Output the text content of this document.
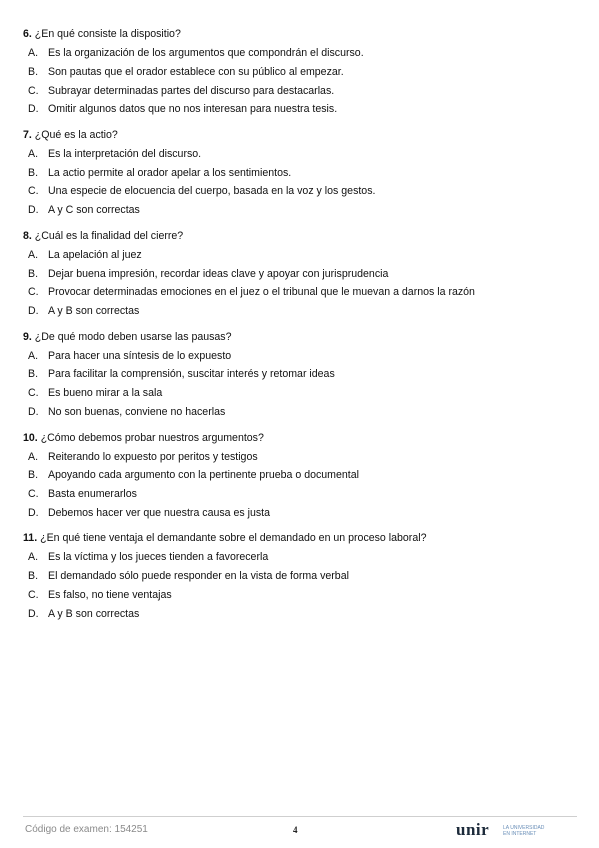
6. ¿En qué consiste la dispositio?
A. Es la organización de los argumentos que compondrán el discurso.
B. Son pautas que el orador establece con su público al empezar.
C. Subrayar determinadas partes del discurso para destacarlas.
D. Omitir algunos datos que no nos interesan para nuestra tesis.
7. ¿Qué es la actio?
A. Es la interpretación del discurso.
B. La actio permite al orador apelar a los sentimientos.
C. Una especie de elocuencia del cuerpo, basada en la voz y los gestos.
D. A y C son correctas
8. ¿Cuál es la finalidad del cierre?
A. La apelación al juez
B. Dejar buena impresión, recordar ideas clave y apoyar con jurisprudencia
C. Provocar determinadas emociones en el juez o el tribunal que le muevan a darnos la razón
D. A y B son correctas
9. ¿De qué modo deben usarse las pausas?
A. Para hacer una síntesis de lo expuesto
B. Para facilitar la comprensión, suscitar interés y retomar ideas
C. Es bueno mirar a la sala
D. No son buenas, conviene no hacerlas
10. ¿Cómo debemos probar nuestros argumentos?
A. Reiterando lo expuesto por peritos y testigos
B. Apoyando cada argumento con la pertinente prueba o documental
C. Basta enumerarlos
D. Debemos hacer ver que nuestra causa es justa
11. ¿En qué tiene ventaja el demandante sobre el demandado en un proceso laboral?
A. Es la víctima y los jueces tienden a favorecerla
B. El demandado sólo puede responder en la vista de forma verbal
C. Es falso, no tiene ventajas
D. A y B son correctas
Código de examen: 154251	4	unir	LA UNIVERSIDAD
EN INTERNET
